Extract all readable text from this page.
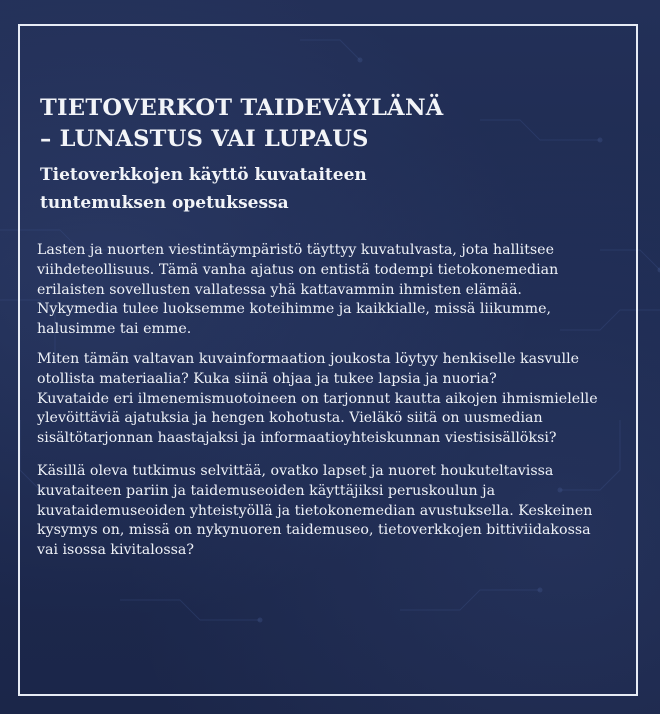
TIETOVERKOT TAIDEVÄYLÄNÄ
– LUNASTUS VAI LUPAUS
Tietoverkkojen käyttö kuvataiteen
tuntemuksen opetuksessa
Lasten ja nuorten viestintäympäristö täyttyy kuvatulvasta, jota hallitsee
viihdeteollisuus. Tämä vanha ajatus on entistä todempi tietokonemedian
erilaisten sovellusten vallatessa yhä kattavammin ihmisten elämää.
Nykymedia tulee luoksemme koteihimme ja kaikkialle, missä liikumme,
halusimme tai emme.
Miten tämän valtavan kuvainformaation joukosta löytyy henkiselle kasvulle
otollista materiaalia? Kuka siinä ohjaa ja tukee lapsia ja nuoria?
Kuvataide eri ilmenemismuotoineen on tarjonnut kautta aikojen ihmismielelle
ylevöittäviä ajatuksia ja hengen kohotusta. Vieläkö siitä on uusmedian
sisältötarjonnan haastajaksi ja informaatioyhteiskunnan viestisisällöksi?
Käsillä oleva tutkimus selvittää, ovatko lapset ja nuoret houkuteltavissa
kuvataiteen pariin ja taidemuseoiden käyttäjiksi peruskoulun ja
kuvataidemuseoiden yhteistyöllä ja tietokonemedian avustuksella. Keskeinen
kysymys on, missä on nykynuoren taidemuseo, tietoverkkojen bittiviidakossa
vai isossa kivitalossa?
